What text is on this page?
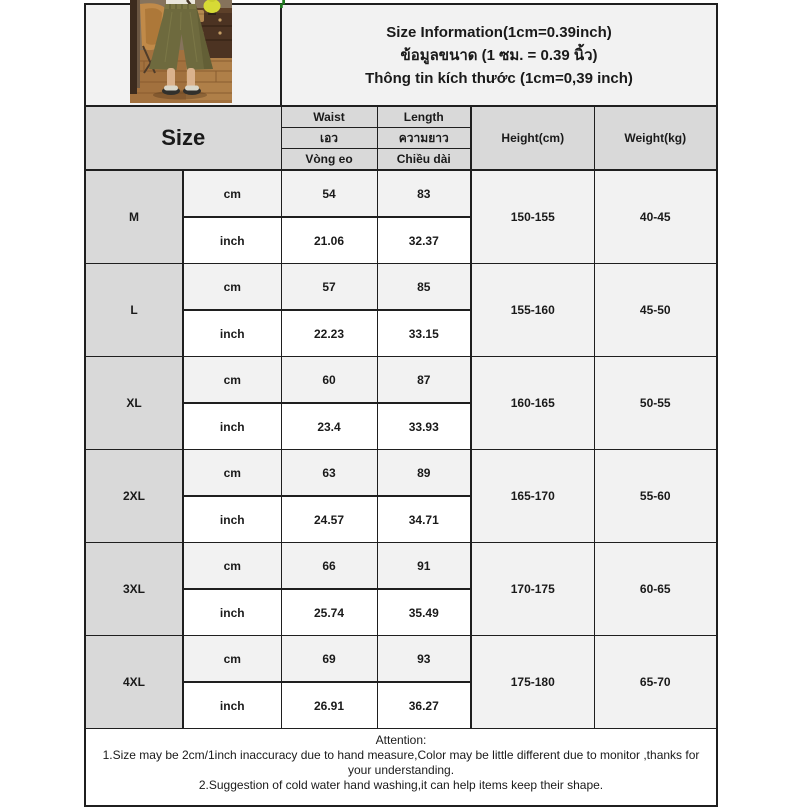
		Size Information(1cm=0.39inch)
ข้อมูลขนาด (1 ซม. = 0.39 นิ้ว)
Thông tin kích thước (1cm=0,39 inch)			

Size		Waist	Length	Height(cm)	Weight(kg)
		เอว	ความยาว		
		Vòng eo	Chiều dài		
M	cm	54	83	150-155	40-45
	inch	21.06	32.37		
L	cm	57	85	155-160	45-50
	inch	22.23	33.15		
XL	cm	60	87	160-165	50-55
	inch	23.4	33.93		
2XL	cm	63	89	165-170	55-60
	inch	24.57	34.71		
3XL	cm	66	91	170-175	60-65
	inch	25.74	35.49		
4XL	cm	69	93	175-180	65-70
	inch	26.91	36.27		

Attention:
1.Size may be 2cm/1inch inaccuracy due to hand measure,Color may be little different due to monitor ,thanks for your understanding.
2.Suggestion of cold water hand washing,it can help items keep their shape.					
